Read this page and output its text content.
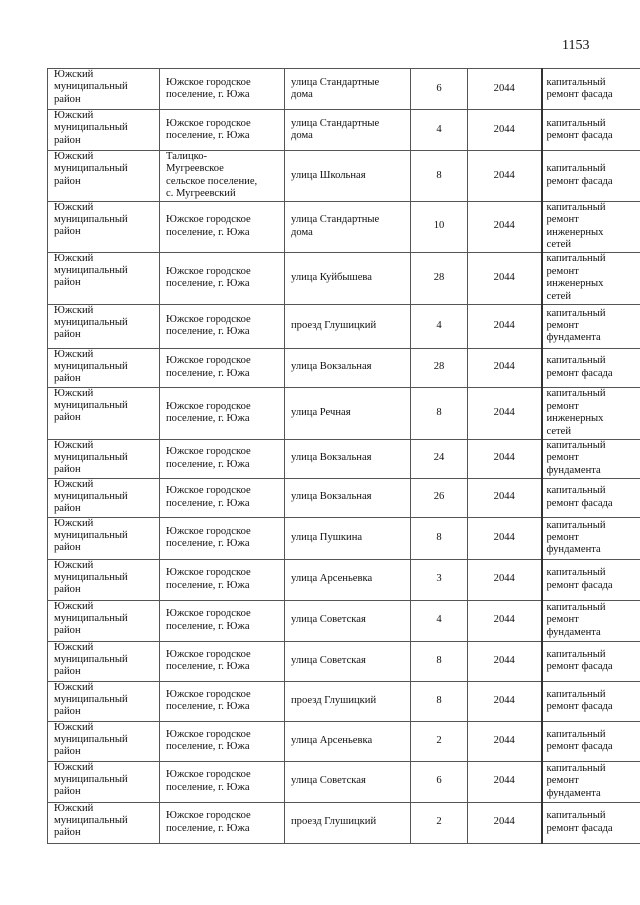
1153
Южский муниципальный район	Южское городское поселение, г. Южа	улица Стандартные дома	6	2044	капитальный ремонт фасада

Южский муниципальный район	Южское городское поселение, г. Южа	улица Стандартные дома	4	2044	капитальный ремонт фасада

Южский муниципальный район	Талицко-Мугреевское сельское поселение, с. Мугреевский	улица Школьная	8	2044	капитальный ремонт фасада

Южский муниципальный район	Южское городское поселение, г. Южа	улица Стандартные дома	10	2044	капитальный ремонт инженерных сетей

Южский муниципальный район	Южское городское поселение, г. Южа	улица Куйбышева	28	2044	капитальный ремонт инженерных сетей

Южский муниципальный район	Южское городское поселение, г. Южа	проезд Глушицкий	4	2044	капитальный ремонт фундамента

Южский муниципальный район	Южское городское поселение, г. Южа	улица Вокзальная	28	2044	капитальный ремонт фасада

Южский муниципальный район	Южское городское поселение, г. Южа	улица Речная	8	2044	капитальный ремонт инженерных сетей

Южский муниципальный район	Южское городское поселение, г. Южа	улица Вокзальная	24	2044	капитальный ремонт фундамента

Южский муниципальный район	Южское городское поселение, г. Южа	улица Вокзальная	26	2044	капитальный ремонт фасада

Южский муниципальный район	Южское городское поселение, г. Южа	улица Пушкина	8	2044	капитальный ремонт фундамента

Южский муниципальный район	Южское городское поселение, г. Южа	улица Арсеньевка	3	2044	капитальный ремонт фасада

Южский муниципальный район	Южское городское поселение, г. Южа	улица Советская	4	2044	капитальный ремонт фундамента

Южский муниципальный район	Южское городское поселение, г. Южа	улица Советская	8	2044	капитальный ремонт фасада

Южский муниципальный район	Южское городское поселение, г. Южа	проезд Глушицкий	8	2044	капитальный ремонт фасада

Южский муниципальный район	Южское городское поселение, г. Южа	улица Арсеньевка	2	2044	капитальный ремонт фасада

Южский муниципальный район	Южское городское поселение, г. Южа	улица Советская	6	2044	капитальный ремонт фундамента

Южский муниципальный район	Южское городское поселение, г. Южа	проезд Глушицкий	2	2044	капитальный ремонт фасада
